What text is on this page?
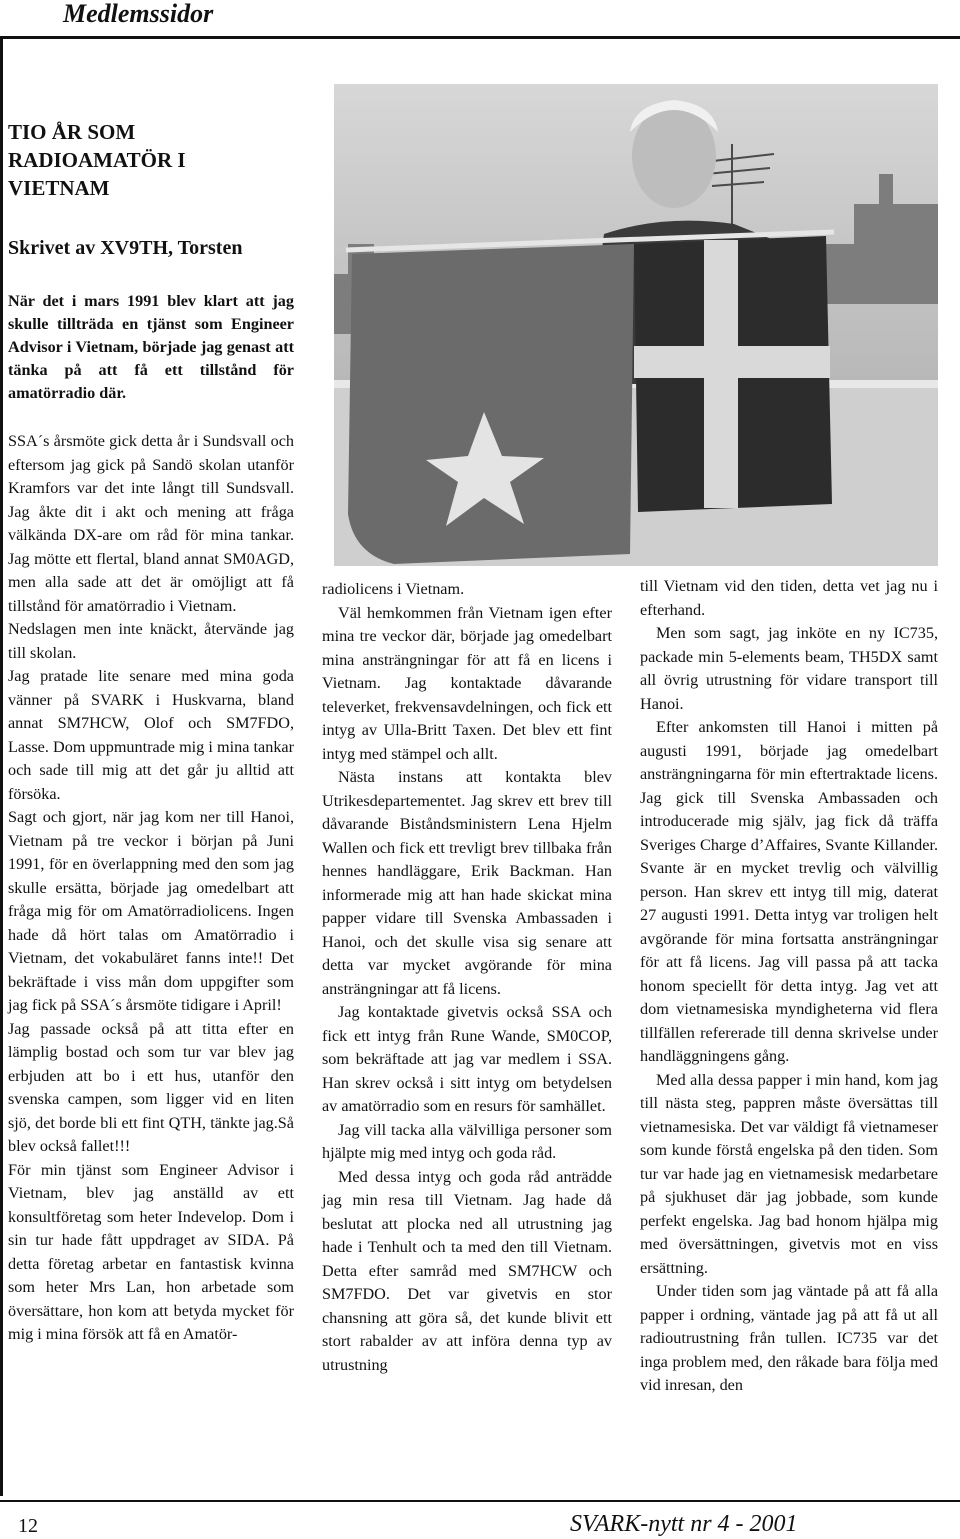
Medlemssidor
TIO ÅR SOM
RADIOAMATÖR I
VIETNAM

Skrivet av XV9TH, Torsten

När det i mars 1991 blev klart att jag skulle tillträda en tjänst som Engineer Advisor i Vietnam, började jag genast att tänka på att få ett tillstånd för amatörradio där.

SSA´s årsmöte gick detta år i Sundsvall och eftersom jag gick på Sandö skolan utanför Kramfors var det inte långt till Sundsvall. Jag åkte dit i akt och mening att fråga välkända DX-are om råd för mina tankar. Jag mötte ett flertal, bland annat SM0AGD, men alla sade att det är omöjligt att få tillstånd för amatörradio i Vietnam.

Nedslagen men inte knäckt, återvände jag till skolan.

Jag pratade lite senare med mina goda vänner på SVARK i Huskvarna, bland annat SM7HCW, Olof och SM7FDO, Lasse. Dom uppmuntrade mig i mina tankar och sade till mig att det går ju alltid att försöka.

Sagt och gjort, när jag kom ner till Hanoi, Vietnam på tre veckor i början på Juni 1991, för en överlappning med den som jag skulle ersätta, började jag omedelbart att fråga mig för om Amatörradiolicens. Ingen hade då hört talas om Amatörradio i Vietnam, det vokabuläret fanns inte!! Det bekräftade i viss mån dom uppgifter som jag fick på SSA´s årsmöte tidigare i April!

Jag passade också på att titta efter en lämplig bostad och som tur var blev jag erbjuden att bo i ett hus, utanför den svenska campen, som ligger vid en liten sjö, det borde bli ett fint QTH, tänkte jag.Så blev också fallet!!!

För min tjänst som Engineer Advisor i Vietnam, blev jag anställd av ett konsultföretag som heter Indevelop. Dom i sin tur hade fått uppdraget av SIDA. På detta företag arbetar en fantastisk kvinna som heter Mrs Lan, hon arbetade som översättare, hon kom att betyda mycket för mig i mina försök att få en Amatör-

radiolicens i Vietnam.

Väl hemkommen från Vietnam igen efter mina tre veckor där, började jag omedelbart mina ansträngningar för att få en licens i Vietnam. Jag kontaktade dåvarande televerket, frekvensavdelningen, och fick ett intyg av Ulla-Britt Taxen. Det blev ett fint intyg med stämpel och allt.

Nästa instans att kontakta blev Utrikesdepartementet. Jag skrev ett brev till dåvarande Biståndsministern Lena Hjelm Wallen och fick ett trevligt brev tillbaka från hennes handläggare, Erik Backman. Han informerade mig att han hade skickat mina papper vidare till Svenska Ambassaden i Hanoi, och det skulle visa sig senare att detta var mycket avgörande för mina ansträngningar att få licens.

Jag kontaktade givetvis också SSA och fick ett intyg från Rune Wande, SM0COP, som bekräftade att jag var medlem i SSA. Han skrev också i sitt intyg om betydelsen av amatörradio som en resurs för samhället.

Jag vill tacka alla välvilliga personer som hjälpte mig med intyg och goda råd.

Med dessa intyg och goda råd anträdde jag min resa till Vietnam. Jag hade då beslutat att plocka ned all utrustning jag hade i Tenhult och ta med den till Vietnam. Detta efter samråd med SM7HCW och SM7FDO. Det var givetvis en stor chansning att göra så, det kunde blivit ett stort rabalder av att införa denna typ av utrustning

till Vietnam vid den tiden, detta vet jag nu i efterhand.

Men som sagt, jag inköte en ny IC735, packade min 5-elements beam, TH5DX samt all övrig utrustning för vidare transport till Hanoi.

Efter ankomsten till Hanoi i mitten på augusti 1991, började jag omedelbart ansträngningarna för min eftertraktade licens. Jag gick till Svenska Ambassaden och introducerade mig själv, jag fick då träffa Sveriges Charge d’Affaires, Svante Killander. Svante är en mycket trevlig och välvillig person. Han skrev ett intyg till mig, daterat 27 augusti 1991. Detta intyg var troligen helt avgörande för mina fortsatta ansträngningar för att få licens. Jag vill passa på att tacka honom speciellt för detta intyg. Jag vet att dom vietnamesiska myndigheterna vid flera tillfällen refererade till denna skrivelse under handläggningens gång.

Med alla dessa papper i min hand, kom jag till nästa steg, pappren måste översättas till vietnamesiska. Det var väldigt få vietnameser som kunde förstå engelska på den tiden. Som tur var hade jag en vietnamesisk medarbetare på sjukhuset där jag jobbade, som kunde perfekt engelska. Jag bad honom hjälpa mig med översättningen, givetvis mot en viss ersättning.

Under tiden som jag väntade på att få alla papper i ordning, väntade jag på att få ut all radioutrustning från tullen. IC735 var det inga problem med, den råkade bara följa med vid inresan, den

12	SVARK-nytt nr 4 - 2001
